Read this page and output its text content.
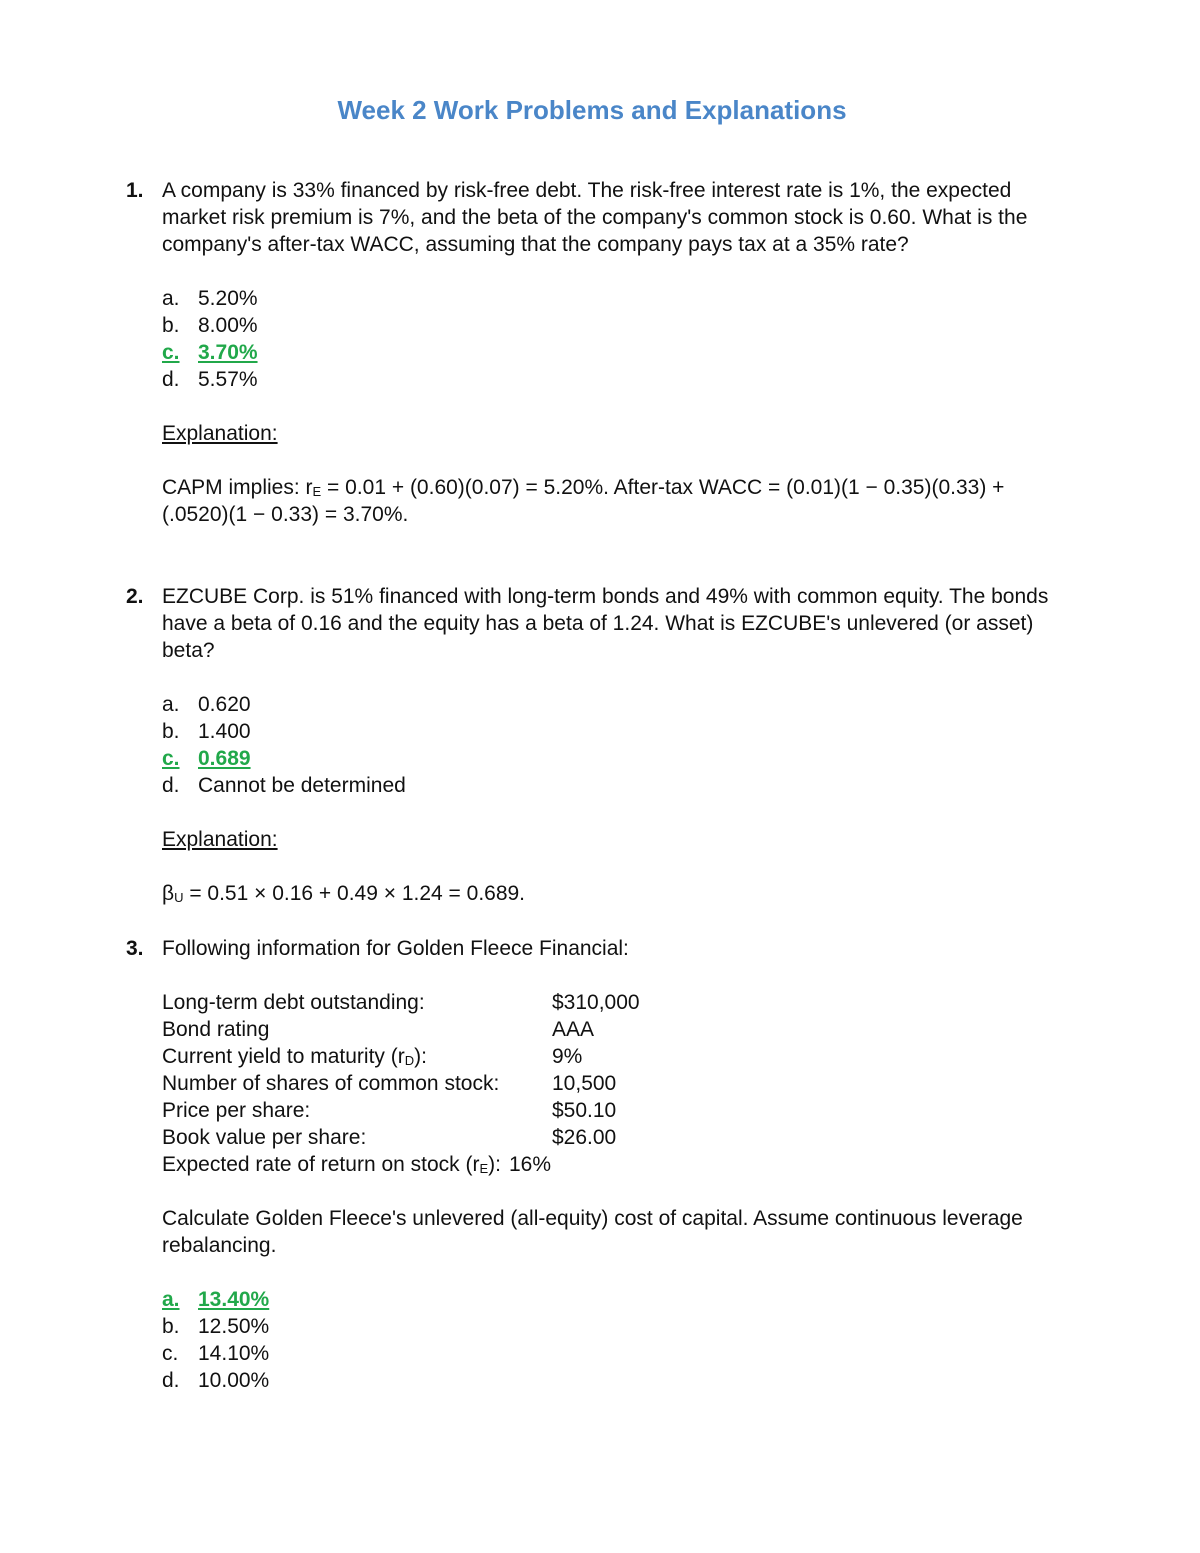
Week 2 Work Problems and Explanations
1. A company is 33% financed by risk-free debt. The risk-free interest rate is 1%, the expected market risk premium is 7%, and the beta of the company's common stock is 0.60. What is the company's after-tax WACC, assuming that the company pays tax at a 35% rate?
a. 5.20%
b. 8.00%
c. 3.70%
d. 5.57%
Explanation:
CAPM implies: $r_E = 0.01 + (0.60)(0.07) = 5.20\%$. After-tax WACC = (0.01)(1 − 0.35)(0.33) + (.0520)(1 − 0.33) = 3.70%.
2. EZCUBE Corp. is 51% financed with long-term bonds and 49% with common equity. The bonds have a beta of 0.16 and the equity has a beta of 1.24. What is EZCUBE's unlevered (or asset) beta?
a. 0.620
b. 1.400
c. 0.689
d. Cannot be determined
Explanation:
$\beta_U = 0.51 \times 0.16 + 0.49 \times 1.24 = 0.689$.
3. Following information for Golden Fleece Financial:
Long-term debt outstanding:	$310,000
Bond rating	AAA
Current yield to maturity $(r_D)$:	9%
Number of shares of common stock:	10,500
Price per share:	$50.10
Book value per share:	$26.00
Expected rate of return on stock $(r_E)$: 16%
Calculate Golden Fleece's unlevered (all-equity) cost of capital. Assume continuous leverage rebalancing.
a. 13.40%
b. 12.50%
c. 14.10%
d. 10.00%
